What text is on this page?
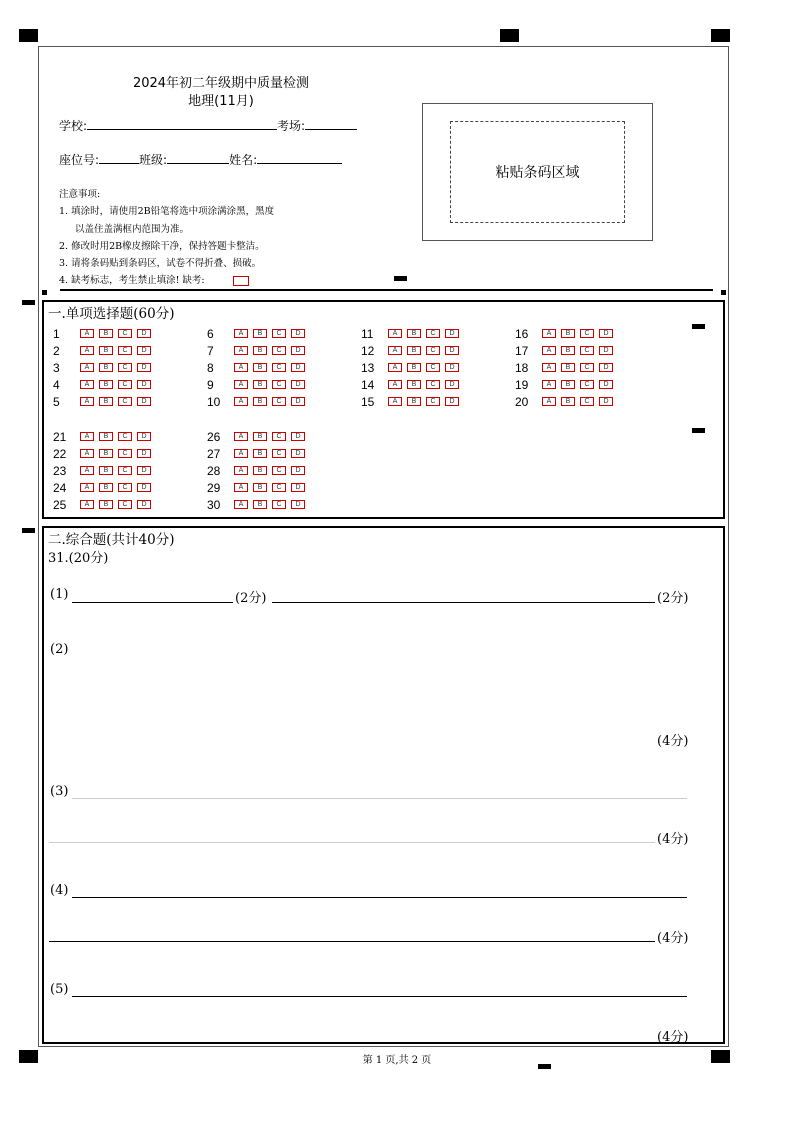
2024年初二年级期中质量检测
地理(11月)
学校:	考场:
座位号:	班级:	姓名:
注意事项:
1. 填涂时，请使用2B铅笔将选中项涂满涂黑，黑度
以盖住盖满框内范围为准。
2. 修改时用2B橡皮擦除干净，保持答题卡整洁。
3. 请将条码贴到条码区，试卷不得折叠、损破。
4. 缺考标志，考生禁止填涂! 缺考:
粘贴条码区域
一.单项选择题(60分)
1	A	B	C	D
2	A	B	C	D
3	A	B	C	D
4	A	B	C	D
5	A	B	C	D
6	A	B	C	D
7	A	B	C	D
8	A	B	C	D
9	A	B	C	D
10	A	B	C	D
11	A	B	C	D
12	A	B	C	D
13	A	B	C	D
14	A	B	C	D
15	A	B	C	D
16	A	B	C	D
17	A	B	C	D
18	A	B	C	D
19	A	B	C	D
20	A	B	C	D
21	A	B	C	D
22	A	B	C	D
23	A	B	C	D
24	A	B	C	D
25	A	B	C	D
26	A	B	C	D
27	A	B	C	D
28	A	B	C	D
29	A	B	C	D
30	A	B	C	D
二.综合题(共计40分)
31.(20分)
(1)	(2分)	(2分)
(2)
(4分)
(3)
(4分)
(4)
(4分)
(5)
(4分)
第 1 页,共 2 页
